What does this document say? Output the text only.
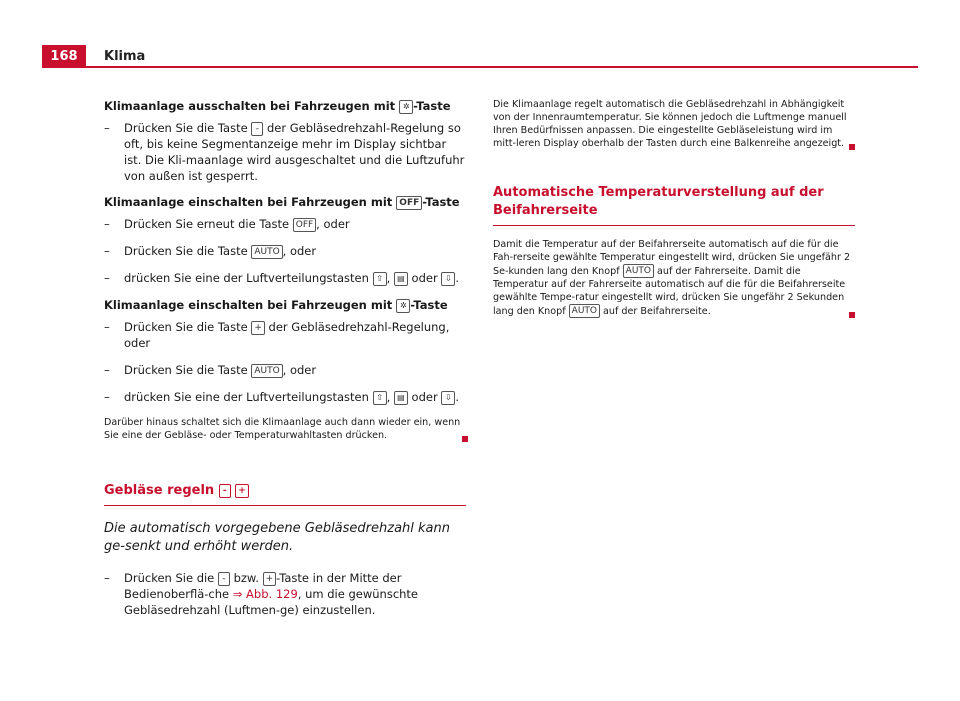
168	Klima

Klimaanlage ausschalten bei Fahrzeugen mit ✲ -Taste

– Drücken Sie die Taste - der Gebläsedrehzahl-Regelung so oft, bis keine Segmentanzeige mehr im Display sichtbar ist. Die Kli-maanlage wird ausgeschaltet und die Luftzufuhr von außen ist gesperrt.

Klimaanlage einschalten bei Fahrzeugen mit OFF -Taste

– Drücken Sie erneut die Taste OFF , oder
– Drücken Sie die Taste AUTO , oder
– drücken Sie eine der Luftverteilungstasten ⇧ , ▤ oder ⇩ .

Klimaanlage einschalten bei Fahrzeugen mit ✲ -Taste

– Drücken Sie die Taste + der Gebläsedrehzahl-Regelung, oder
– Drücken Sie die Taste AUTO , oder
– drücken Sie eine der Luftverteilungstasten ⇧ , ▤ oder ⇩ .

Darüber hinaus schaltet sich die Klimaanlage auch dann wieder ein, wenn Sie eine der Gebläse- oder Temperaturwahltasten drücken.

Gebläse regeln - +

Die automatisch vorgegebene Gebläsedrehzahl kann ge-senkt und erhöht werden.

– Drücken Sie die - bzw. + -Taste in der Mitte der Bedienoberflä-che ⇒ Abb. 129, um die gewünschte Gebläsedrehzahl (Luftmen-ge) einzustellen.

Die Klimaanlage regelt automatisch die Gebläsedrehzahl in Abhängigkeit von der Innenraumtemperatur. Sie können jedoch die Luftmenge manuell Ihren Bedürfnissen anpassen. Die eingestellte Gebläseleistung wird im mitt-leren Display oberhalb der Tasten durch eine Balkenreihe angezeigt.

Automatische Temperaturverstellung auf der Beifahrerseite

Damit die Temperatur auf der Beifahrerseite automatisch auf die für die Fah-rerseite gewählte Temperatur eingestellt wird, drücken Sie ungefähr 2 Se-kunden lang den Knopf AUTO auf der Fahrerseite. Damit die Temperatur auf der Fahrerseite automatisch auf die für die Beifahrerseite gewählte Tempe-ratur eingestellt wird, drücken Sie ungefähr 2 Sekunden lang den Knopf AUTO auf der Beifahrerseite.
